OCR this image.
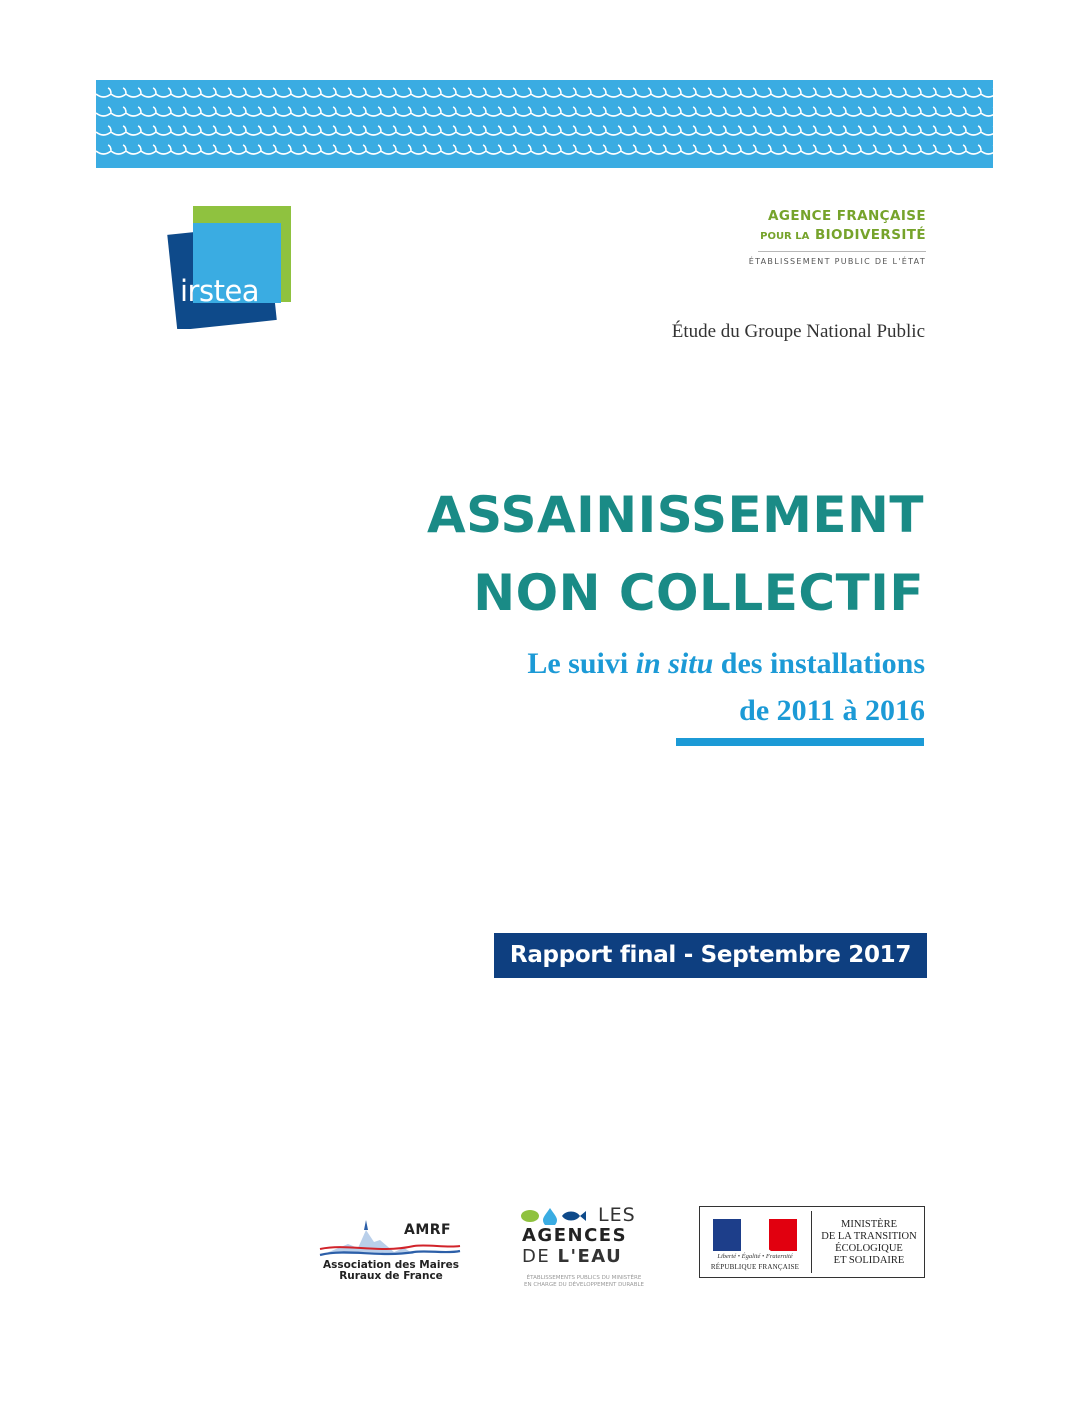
irstea
AGENCE FRANÇAISE
POUR LA BIODIVERSITÉ
ÉTABLISSEMENT PUBLIC DE L'ÉTAT
Étude du Groupe National Public
ASSAINISSEMENT
NON COLLECTIF
Le suivi in situ des installations
de 2011 à 2016
Rapport final - Septembre 2017
AMRF
Association des Maires
Ruraux de France
LES
AGENCES
DE L'EAU
ÉTABLISSEMENTS PUBLICS DU MINISTÈRE
EN CHARGE DU DÉVELOPPEMENT DURABLE
Liberté • Égalité • Fraternité
RÉPUBLIQUE FRANÇAISE
MINISTÈRE
DE LA TRANSITION
ÉCOLOGIQUE
ET SOLIDAIRE
